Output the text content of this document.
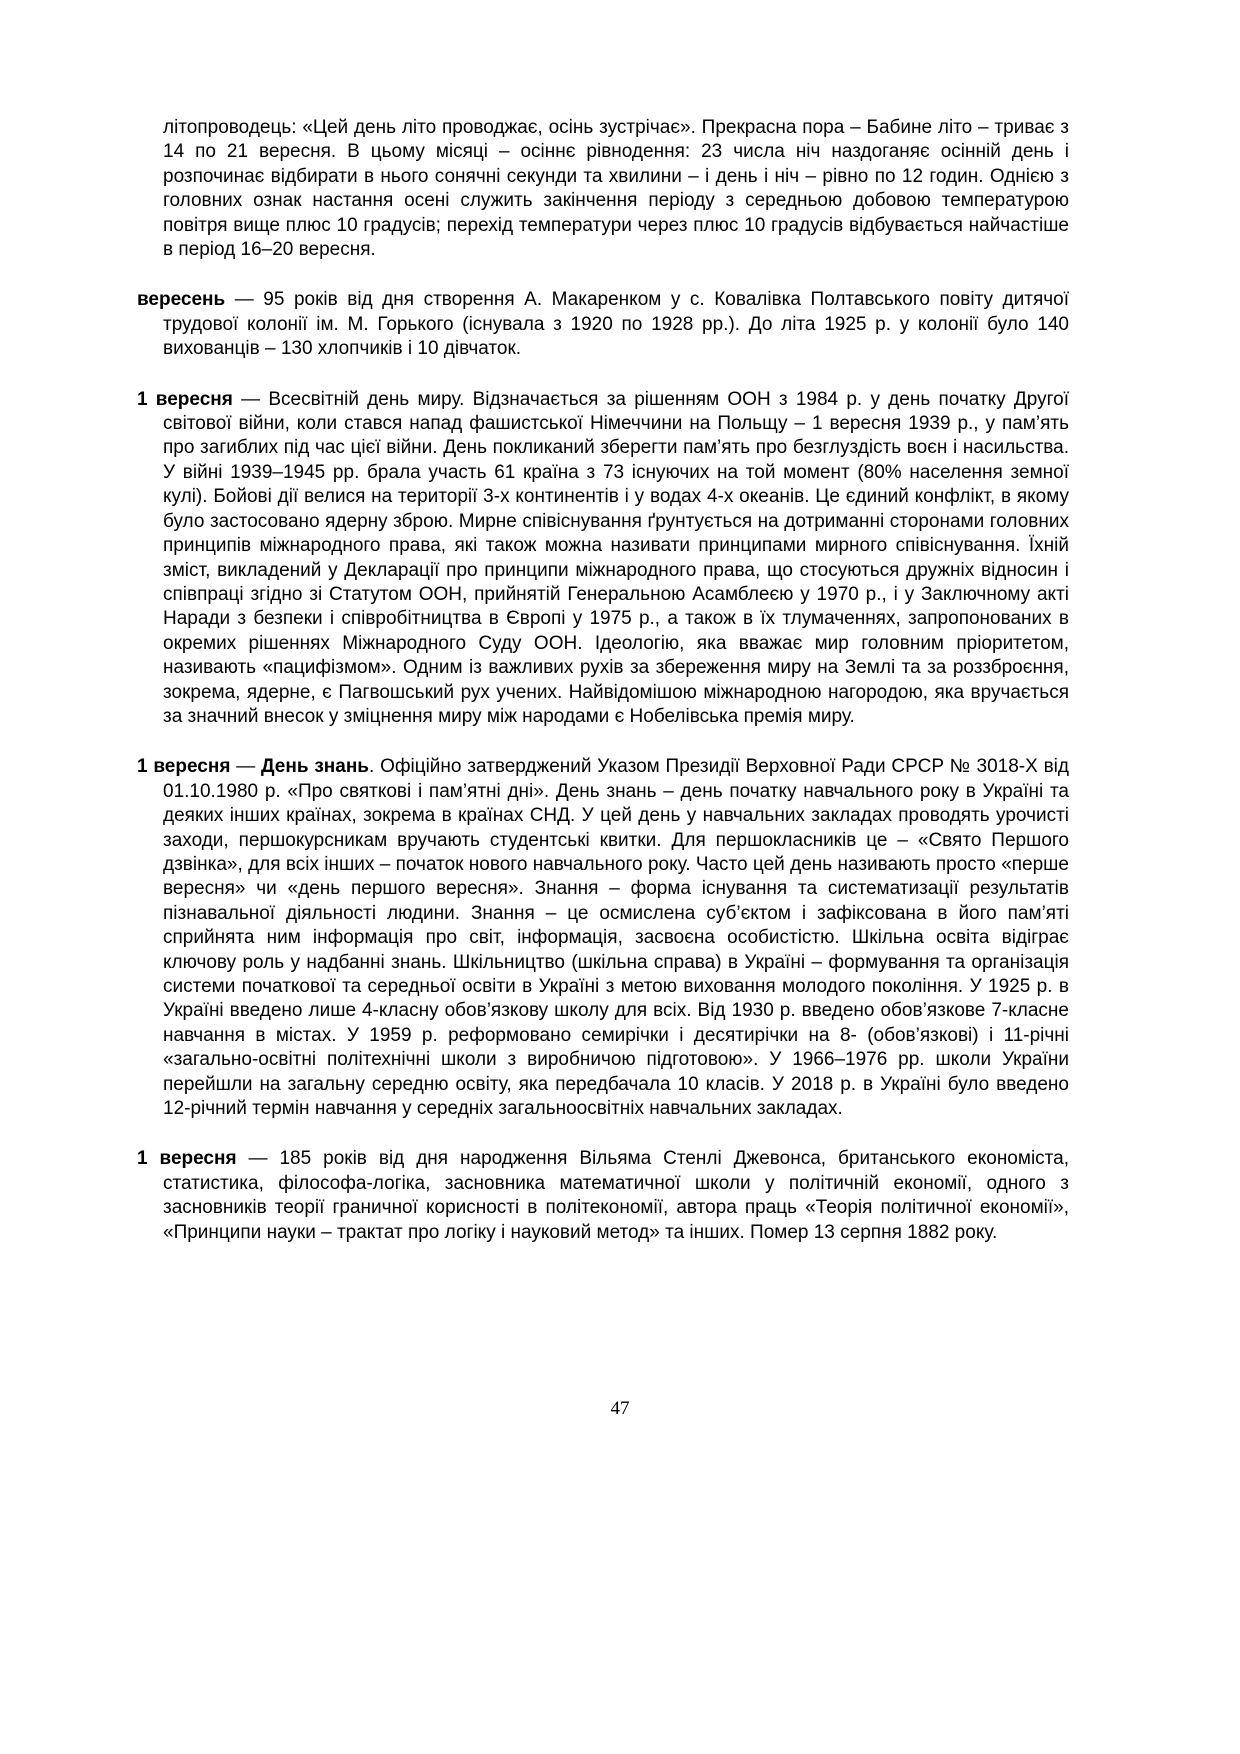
літопроводець: «Цей день літо проводжає, осінь зустрічає». Прекрасна пора – Бабине літо – триває з 14 по 21 вересня. В цьому місяці – осіннє рівнодення: 23 числа ніч наздоганяє осінній день і розпочинає відбирати в нього сонячні секунди та хвилини – і день і ніч – рівно по 12 годин. Однією з головних ознак настання осені служить закінчення періоду з середньою добовою температурою повітря вище плюс 10 градусів; перехід температури через плюс 10 градусів відбувається найчастіше в період 16–20 вересня.

вересень — 95 років від дня створення А. Макаренком у с. Ковалівка Полтавського повіту дитячої трудової колонії ім. М. Горького (існувала з 1920 по 1928 рр.). До літа 1925 р. у колонії було 140 вихованців – 130 хлопчиків і 10 дівчаток.

1 вересня — Всесвітній день миру. Відзначається за рішенням ООН з 1984 р. у день початку Другої світової війни, коли стався напад фашистської Німеччини на Польщу – 1 вересня 1939 р., у пам’ять про загиблих під час цієї війни. День покликаний зберегти пам’ять про безглуздість воєн і насильства. У війні 1939–1945 рр. брала участь 61 країна з 73 існуючих на той момент (80% населення земної кулі). Бойові дії велися на території 3-х континентів і у водах 4-х океанів. Це єдиний конфлікт, в якому було застосовано ядерну зброю. Мирне співіснування ґрунтується на дотриманні сторонами головних принципів міжнародного права, які також можна називати принципами мирного співіснування. Їхній зміст, викладений у Декларації про принципи міжнародного права, що стосуються дружніх відносин і співпраці згідно зі Статутом ООН, прийнятій Генеральною Асамблеєю у 1970 р., і у Заключному акті Наради з безпеки і співробітництва в Європі у 1975 р., а також в їх тлумаченнях, запропонованих в окремих рішеннях Міжнародного Суду ООН. Ідеологію, яка вважає мир головним пріоритетом, називають «пацифізмом». Одним із важливих рухів за збереження миру на Землі та за роззброєння, зокрема, ядерне, є Пагвошський рух учених. Найвідомішою міжнародною нагородою, яка вручається за значний внесок у зміцнення миру між народами є Нобелівська премія миру.

1 вересня — День знань. Офіційно затверджений Указом Президії Верховної Ради СРСР № 3018-X від 01.10.1980 р. «Про святкові і пам’ятні дні». День знань – день початку навчального року в Україні та деяких інших країнах, зокрема в країнах СНД. У цей день у навчальних закладах проводять урочисті заходи, першокурсникам вручають студентські квитки. Для першокласників це – «Свято Першого дзвінка», для всіх інших – початок нового навчального року. Часто цей день називають просто «перше вересня» чи «день першого вересня». Знання – форма існування та систематизації результатів пізнавальної діяльності людини. Знання – це осмислена суб’єктом і зафіксована в його пам’яті сприйнята ним інформація про світ, інформація, засвоєна особистістю. Шкільна освіта відіграє ключову роль у надбанні знань. Шкільництво (шкільна справа) в Україні – формування та організація системи початкової та середньої освіти в Україні з метою виховання молодого покоління. У 1925 р. в Україні введено лише 4-класну обов’язкову школу для всіх. Від 1930 р. введено обов’язкове 7-класне навчання в містах. У 1959 р. реформовано семирічки і десятирічки на 8- (обов’язкові) і 11-річні «загально-освітні політехнічні школи з виробничою підготовою». У 1966–1976 рр. школи України перейшли на загальну середню освіту, яка передбачала 10 класів. У 2018 р. в Україні було введено 12-річний термін навчання у середніх загальноосвітніх навчальних закладах.

1 вересня — 185 років від дня народження Вільяма Стенлі Джевонса, британського економіста, статистика, філософа-логіка, засновника математичної школи у політичній економії, одного з засновників теорії граничної корисності в політекономії, автора праць «Теорія політичної економії», «Принципи науки – трактат про логіку і науковий метод» та інших. Помер 13 серпня 1882 року.

47
